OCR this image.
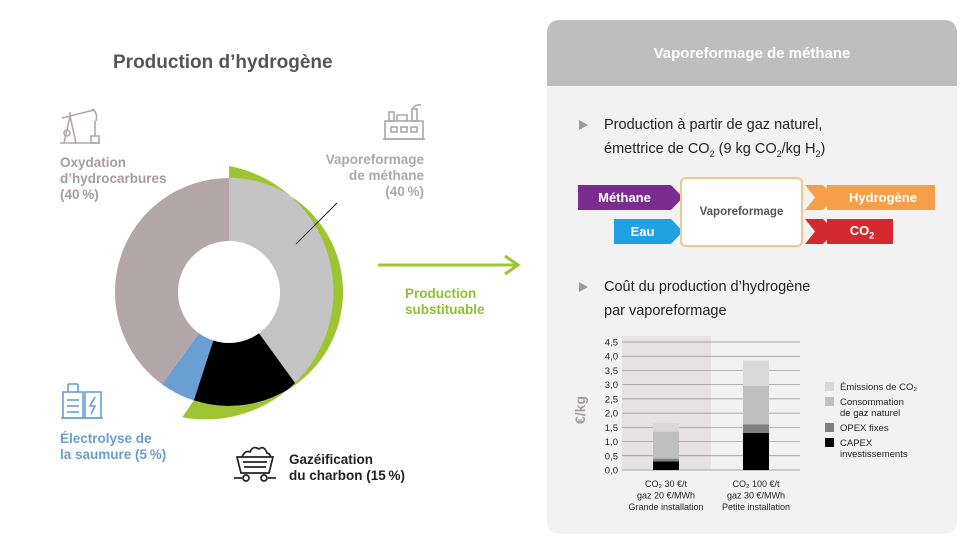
Production d’hydrogène
Oxydation
d’hydrocarbures
(40 %)
Vaporeformage
de méthane
(40 %)
Électrolyse de
la saumure (5 %)	Gazéification
du charbon (15 %)
Production
substituable
Vaporeformage de méthane
Production à partir de gaz naturel,
émettrice de $CO_2$ (9 kg $CO_2/kg$ $H_2$)
Méthane
Eau
Vaporeformage
Hydrogène
$CO_2$
Coût du production d’hydrogène
par vaporeformage
0,0
0,5
1,0
1,5
2,0
2,5
3,0
3,5
4,0
4,5
€/kg
CO₂ 30 €/t
gaz 20 €/MWh
Grande installation
CO₂ 100 €/t
gaz 30 €/MWh
Petite installation
Émissions de CO₂
Consommation
de gaz naturel
OPEX fixes
CAPEX
investissements
